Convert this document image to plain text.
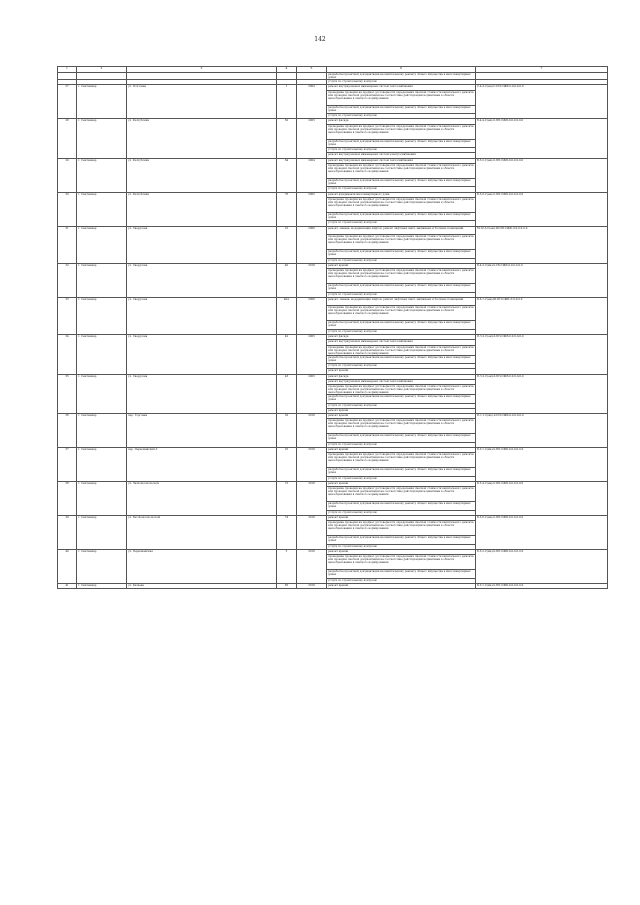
142
1	2	3	4	5	6	7
					разработка проектной документации на капитальному ремонту общего имущества в многоквартирных домах	
					услуги по строительному контролю	
27	г. Сыктывкар	ул. Почтовая	1	2004	ремонт внутридомовых инженерных систем теплоснабжения	С-4-3-С(ем)-С-ПП-СЖБ-0-0-0-0-0-0
					проведение проверки на предмет достоверности определения сметной стоимости капитального ремонта или проверки сметной документации на соответствие действующим нормативам в области ценообразования в сметного нормирования	
					разработка проектной документации на капитальному ремонту общего имущества в многоквартирных домах	
					услуги по строительному контролю	
28	г. Сыктывкар	ул. Республики	62	2005	ремонт фасада	Б-4-4-С(ем)-0-ПП-СЖБ-0-0-0-0-0-0
					проведение проверки на предмет достоверности определения сметной стоимости капитального ремонта или проверки сметной документации на соответствие действующим нормативам в области ценообразования в сметного нормирования	
					разработка проектной документации на капитальному ремонту общего имущества в многоквартирных домах	
					услуги по строительному контролю	
					ремонт внутридомовых инженерных систем электроснабжения	
29	г. Сыктывкар	ул. Республики	64	2004	ремонт внутридомовых инженерных систем теплоснабжения	Б-5-2-С(ем)-0-ПП-СЖБ-0-0-0-0-0-0
					проведение проверки на предмет достоверности определения сметной стоимости капитального ремонта или проверки сметной документации на соответствие действующим нормативам в области ценообразования в сметного нормирования	
					разработка проектной документации на капитальному ремонту общего имущества в многоквартирных домах	
					услуги по строительному контролю	
30	г. Сыктывкар	ул. Республики	76	2002	ремонт фундамента многоквартирного дома	Б-5-0-С(ем)-0-ПП-СЖБ-0-0-0-0-0-0
					проведение проверки на предмет достоверности определения сметной стоимости капитального ремонта или проверки сметной документации на соответствие действующим нормативам в области ценообразования в сметного нормирования	
					разработка проектной документации на капитальному ремонту общего имущества в многоквартирных домах	
					услуги по строительному контролю	
31	г. Сыктывкар	ул. Свердлова	10	2006	ремонт, замена, модернизация лифтов, ремонт лифтовых шахт, машинных и блочных помещений	М-10-5-С(ем)-Ш-ПП-СЖБ-Л-0-0-0-0-0
					проведение проверки на предмет достоверности определения сметной стоимости капитального ремонта или проверки сметной документации на соответствие действующим нормативам в области ценообразования в сметного нормирования	
					разработка проектной документации на капитальному ремонту общего имущества в многоквартирных домах	
					услуги по строительному контролю	
32	г. Сыктывкар	ул. Свердлова	40	2018	ремонт крыши	Б-4-3-С(мк)-0-СБ-СЖБ-0-0-0-0-0-0
					проведение проверки на предмет достоверности определения сметной стоимости капитального ремонта или проверки сметной документации на соответствие действующим нормативам в области ценообразования в сметного нормирования	
					разработка проектной документации на капитальному ремонту общего имущества в многоквартирных домах	
					услуги по строительному контролю	
33	г. Сыктывкар	ул. Свердлова	40А	2008	ремонт, замена, модернизация лифтов, ремонт лифтовых шахт, машинных и блочных помещений	Б-6-1-С(ем)-Ш-ПП-СЖБ-Л-0-0-0-0
					проведение проверки на предмет достоверности определения сметной стоимости капитального ремонта или проверки сметной документации на соответствие действующим нормативам в области ценообразования в сметного нормирования	
					разработка проектной документации на капитальному ремонту общего имущества в многоквартирных домах	
					услуги по строительному контролю	
34	г. Сыктывкар	ул. Свердлова	42	2005	ремонт фасада	П-5-2-С(ем)-0-ПП-СЖБ-0-0-0-0-0-0
					ремонт внутридомовых инженерных систем теплоснабжения	
					проведение проверки на предмет достоверности определения сметной стоимости капитального ремонта или проверки сметной документации на соответствие действующим нормативам в области ценообразования в сметного нормирования	
					разработка проектной документации на капитальному ремонту общего имущества в многоквартирных домах	
					услуги по строительному контролю	
					ремонт крыши	
35	г. Сыктывкар	ул. Свердлова	43	2003	ремонт фасада	П-5-2-С(ем)-0-ПП-СЖБ-0-0-0-0-0-0
					ремонт внутридомовых инженерных систем теплоснабжения	
					проведение проверки на предмет достоверности определения сметной стоимости капитального ремонта или проверки сметной документации на соответствие действующим нормативам в области ценообразования в сметного нормирования	
					разработка проектной документации на капитальному ремонту общего имущества в многоквартирных домах	
					услуги по строительному контролю	
					ремонт крыши	
36	г. Сыктывкар	пер. Торговая	32	2018	ремонт крыши	П-1-1-С(мк)-0-ПП-СЖБ-0-0-0-0-0-0
					проведение проверки на предмет достоверности определения сметной стоимости капитального ремонта или проверки сметной документации на соответствие действующим нормативам в области ценообразования в сметного нормирования	
					разработка проектной документации на капитальному ремонту общего имущества в многоквартирных домах	
					услуги по строительному контролю	
37	г. Сыктывкар	пер. Первомайский-3	25	2018	ремонт крыши	Б-3-1-С(мк)-0-ПП-СЖБ-0-0-0-0-0-0
					проведение проверки на предмет достоверности определения сметной стоимости капитального ремонта или проверки сметной документации на соответствие действующим нормативам в области ценообразования в сметного нормирования	
					разработка проектной документации на капитальному ремонту общего имущества в многоквартирных домах	
					услуги по строительному контролю	
38	г. Сыктывкар	ул. Эн.Комсомольской	72	2018	ремонт крыши	Б-5-4-С(ем)-0-ПП-СЖБ-0-0-0-0-0-0
					проведение проверки на предмет достоверности определения сметной стоимости капитального ремонта или проверки сметной документации на соответствие действующим нормативам в области ценообразования в сметного нормирования	
					разработка проектной документации на капитальному ремонту общего имущества в многоквартирных домах	
					услуги по строительному контролю	
39	г. Сыктывкар	ул. Бет.Комсомольской	74	2018	ремонт крыши	Б-5-6-С(ем)-0-ПП-СЖБ-0-0-0-0-0-0
					проведение проверки на предмет достоверности определения сметной стоимости капитального ремонта или проверки сметной документации на соответствие действующим нормативам в области ценообразования в сметного нормирования	
					разработка проектной документации на капитальному ремонту общего имущества в многоквартирных домах	
					услуги по строительному контролю	
40	г. Сыктывкар	ул. Первомайская	5	2018	ремонт крыши	Б-5-2-С(мк)-0-ПП-СЖБ-0-0-0-0-0-0
					проведение проверки на предмет достоверности определения сметной стоимости капитального ремонта или проверки сметной документации на соответствие действующим нормативам в области ценообразования в сметного нормирования	
					разработка проектной документации на капитальному ремонту общего имущества в многоквартирных домах	
					услуги по строительному контролю	
41	г. Сыктывкар	ул. Катаева	65	2018	ремонт крыши	Б-3-1-С(мк)-0-ПП-СЖБ-0-0-0-0-0-0
